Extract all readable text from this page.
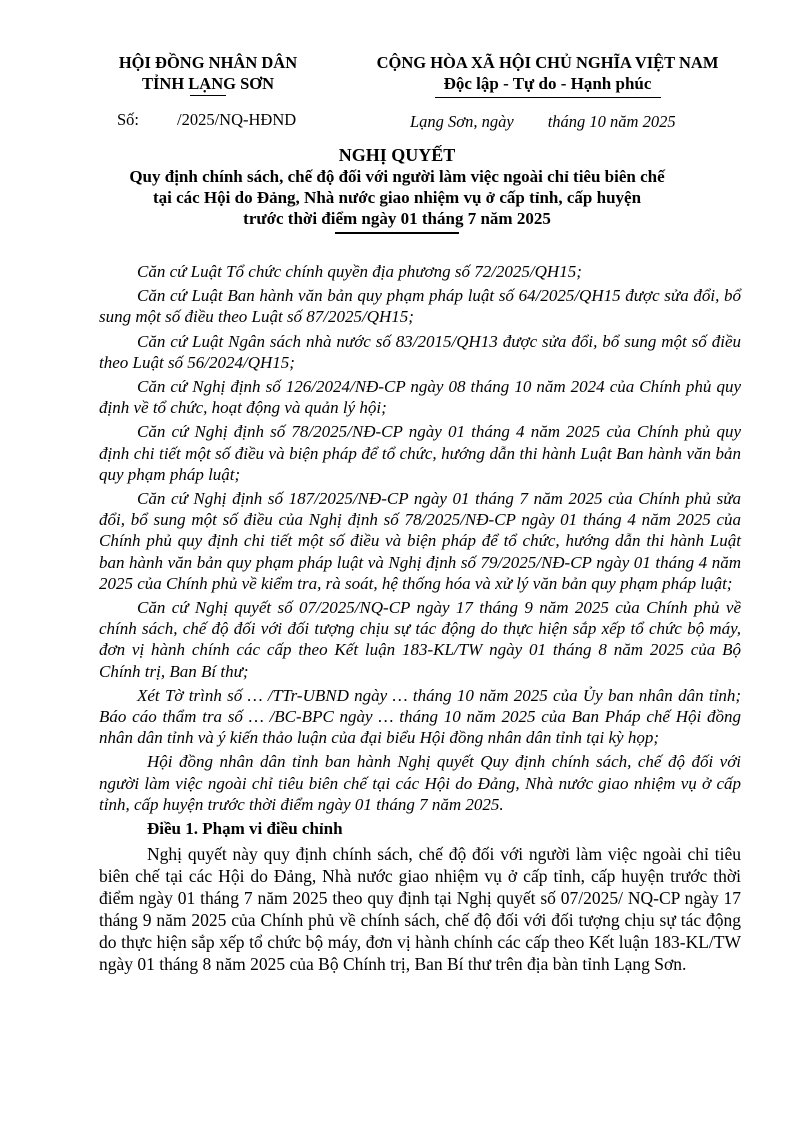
HỘI ĐỒNG NHÂN DÂN
TỈNH LẠNG SƠN
CỘNG HÒA XÃ HỘI CHỦ NGHĨA VIỆT NAM
Độc lập - Tự do - Hạnh phúc
Số: /2025/NQ-HĐND	Lạng Sơn, ngày tháng 10 năm 2025
NGHỊ QUYẾT
Quy định chính sách, chế độ đối với người làm việc ngoài chỉ tiêu biên chế
tại các Hội do Đảng, Nhà nước giao nhiệm vụ ở cấp tỉnh, cấp huyện
trước thời điểm ngày 01 tháng 7 năm 2025

Căn cứ Luật Tổ chức chính quyền địa phương số 72/2025/QH15;

Căn cứ Luật Ban hành văn bản quy phạm pháp luật số 64/2025/QH15 được sửa đổi, bổ sung một số điều theo Luật số 87/2025/QH15;

Căn cứ Luật Ngân sách nhà nước số 83/2015/QH13 được sửa đổi, bổ sung một số điều theo Luật số 56/2024/QH15;

Căn cứ Nghị định số 126/2024/NĐ-CP ngày 08 tháng 10 năm 2024 của Chính phủ quy định về tổ chức, hoạt động và quản lý hội;

Căn cứ Nghị định số 78/2025/NĐ-CP ngày 01 tháng 4 năm 2025 của Chính phủ quy định chi tiết một số điều và biện pháp để tổ chức, hướng dẫn thi hành Luật Ban hành văn bản quy phạm pháp luật;

Căn cứ Nghị định số 187/2025/NĐ-CP ngày 01 tháng 7 năm 2025 của Chính phủ sửa đổi, bổ sung một số điều của Nghị định số 78/2025/NĐ-CP ngày 01 tháng 4 năm 2025 của Chính phủ quy định chi tiết một số điều và biện pháp để tổ chức, hướng dẫn thi hành Luật ban hành văn bản quy phạm pháp luật và Nghị định số 79/2025/NĐ-CP ngày 01 tháng 4 năm 2025 của Chính phủ về kiểm tra, rà soát, hệ thống hóa và xử lý văn bản quy phạm pháp luật;

Căn cứ Nghị quyết số 07/2025/NQ-CP ngày 17 tháng 9 năm 2025 của Chính phủ về chính sách, chế độ đối với đối tượng chịu sự tác động do thực hiện sắp xếp tổ chức bộ máy, đơn vị hành chính các cấp theo Kết luận 183-KL/TW ngày 01 tháng 8 năm 2025 của Bộ Chính trị, Ban Bí thư;

Xét Tờ trình số … /TTr-UBND ngày … tháng 10 năm 2025 của Ủy ban nhân dân tỉnh; Báo cáo thẩm tra số … /BC-BPC ngày … tháng 10 năm 2025 của Ban Pháp chế Hội đồng nhân dân tỉnh và ý kiến thảo luận của đại biểu Hội đồng nhân dân tỉnh tại kỳ họp;

Hội đồng nhân dân tỉnh ban hành Nghị quyết Quy định chính sách, chế độ đối với người làm việc ngoài chỉ tiêu biên chế tại các Hội do Đảng, Nhà nước giao nhiệm vụ ở cấp tỉnh, cấp huyện trước thời điểm ngày 01 tháng 7 năm 2025.

Điều 1. Phạm vi điều chỉnh

Nghị quyết này quy định chính sách, chế độ đối với người làm việc ngoài chỉ tiêu biên chế tại các Hội do Đảng, Nhà nước giao nhiệm vụ ở cấp tỉnh, cấp huyện trước thời điểm ngày 01 tháng 7 năm 2025 theo quy định tại Nghị quyết số 07/2025/ NQ-CP ngày 17 tháng 9 năm 2025 của Chính phủ về chính sách, chế độ đối với đối tượng chịu sự tác động do thực hiện sắp xếp tổ chức bộ máy, đơn vị hành chính các cấp theo Kết luận 183-KL/TW ngày 01 tháng 8 năm 2025 của Bộ Chính trị, Ban Bí thư trên địa bàn tỉnh Lạng Sơn.
